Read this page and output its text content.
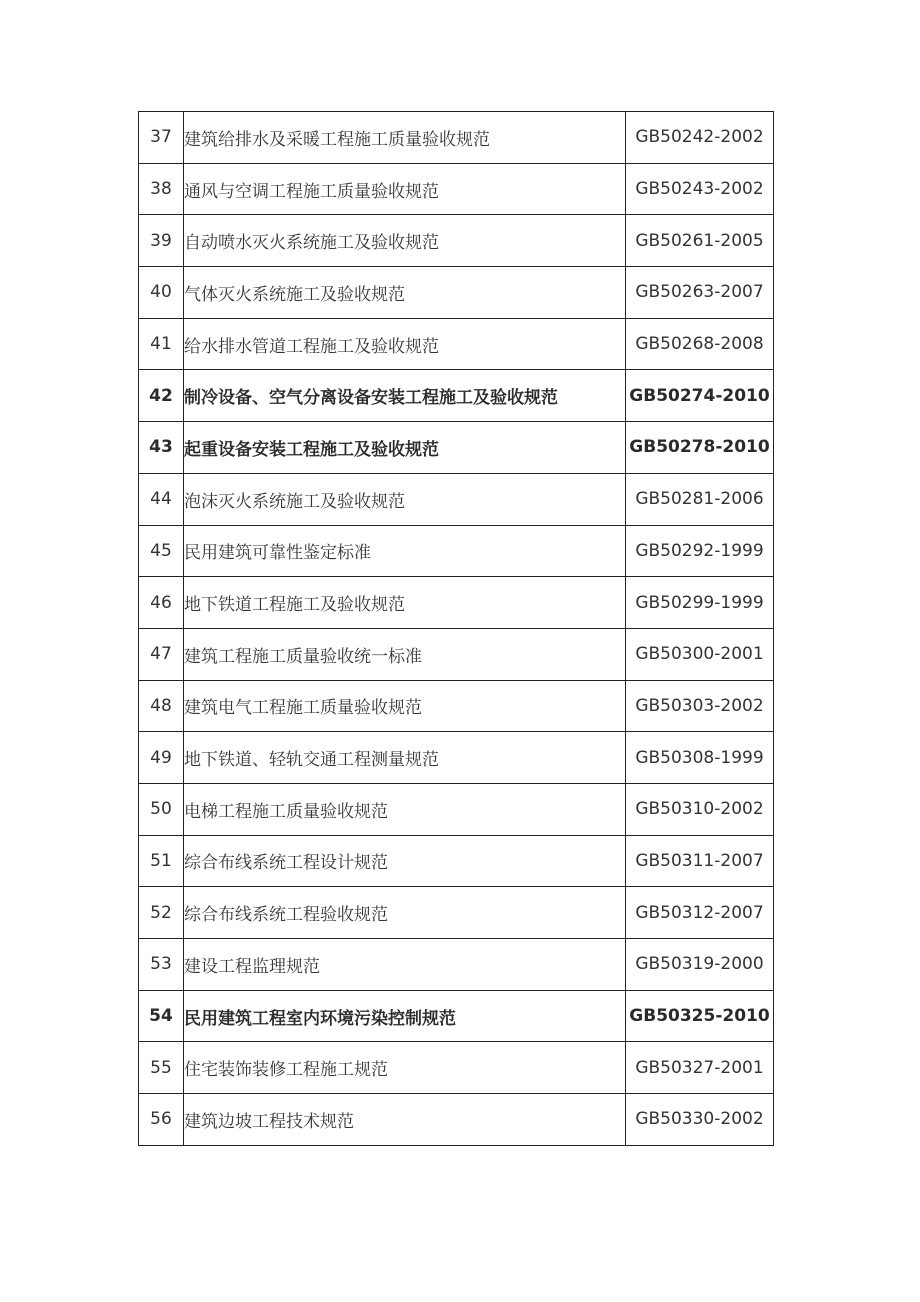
37	建筑给排水及采暖工程施工质量验收规范	GB50242-2002
38	通风与空调工程施工质量验收规范	GB50243-2002
39	自动喷水灭火系统施工及验收规范	GB50261-2005
40	气体灭火系统施工及验收规范	GB50263-2007
41	给水排水管道工程施工及验收规范	GB50268-2008
42	制冷设备、空气分离设备安装工程施工及验收规范	GB50274-2010
43	起重设备安装工程施工及验收规范	GB50278-2010
44	泡沫灭火系统施工及验收规范	GB50281-2006
45	民用建筑可靠性鉴定标准	GB50292-1999
46	地下铁道工程施工及验收规范	GB50299-1999
47	建筑工程施工质量验收统一标准	GB50300-2001
48	建筑电气工程施工质量验收规范	GB50303-2002
49	地下铁道、轻轨交通工程测量规范	GB50308-1999
50	电梯工程施工质量验收规范	GB50310-2002
51	综合布线系统工程设计规范	GB50311-2007
52	综合布线系统工程验收规范	GB50312-2007
53	建设工程监理规范	GB50319-2000
54	民用建筑工程室内环境污染控制规范	GB50325-2010
55	住宅装饰装修工程施工规范	GB50327-2001
56	建筑边坡工程技术规范	GB50330-2002
